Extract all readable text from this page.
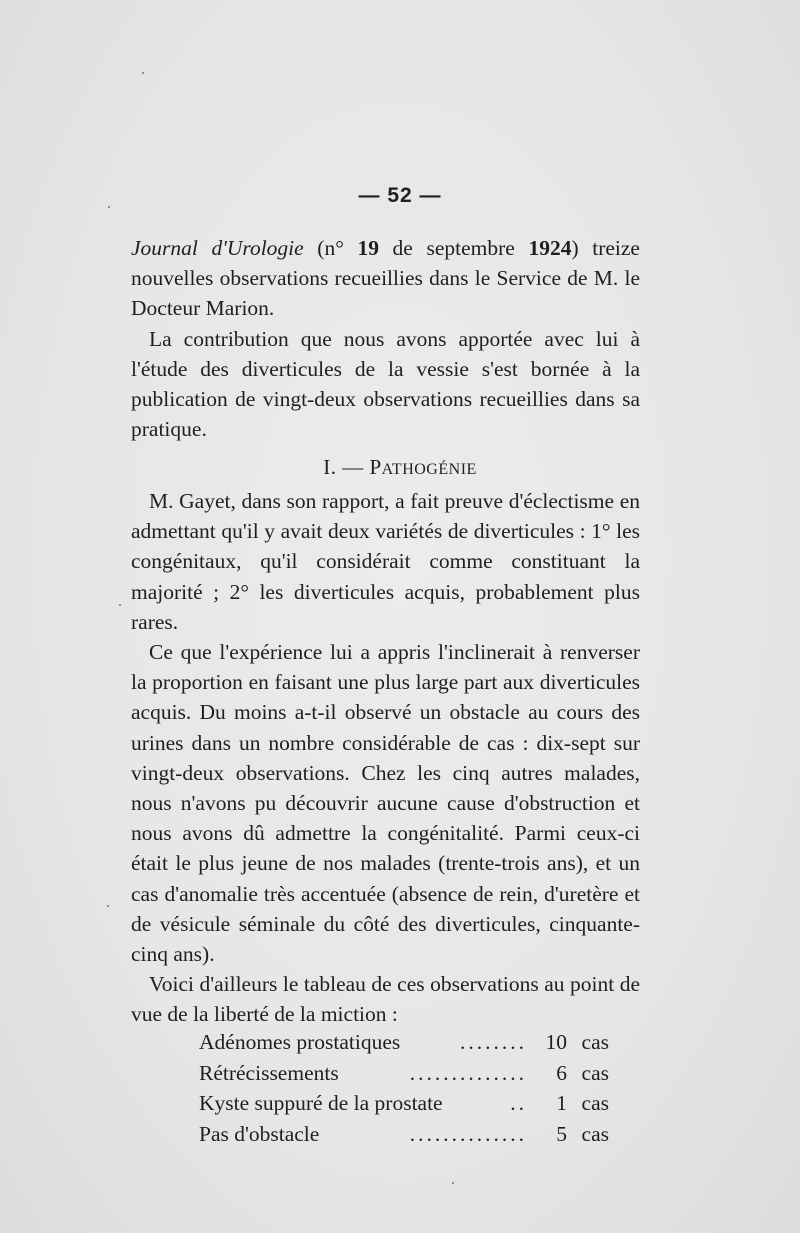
— 52 —

Journal d'Urologie (n° 19 de septembre 1924) treize nouvelles observations recueillies dans le Service de M. le Docteur Marion.

La contribution que nous avons apportée avec lui à l'étude des diverticules de la vessie s'est bornée à la publication de vingt-deux observations recueillies dans sa pratique.

I. — PATHOGÉNIE

M. Gayet, dans son rapport, a fait preuve d'éclectisme en admettant qu'il y avait deux variétés de diverticules : 1° les congénitaux, qu'il considérait comme constituant la majorité ; 2° les diverticules acquis, probablement plus rares.

Ce que l'expérience lui a appris l'inclinerait à renverser la proportion en faisant une plus large part aux diverticules acquis. Du moins a-t-il observé un obstacle au cours des urines dans un nombre considérable de cas : dix-sept sur vingt-deux observations. Chez les cinq autres malades, nous n'avons pu découvrir aucune cause d'obstruction et nous avons dû admettre la congénitalité. Parmi ceux-ci était le plus jeune de nos malades (trente-trois ans), et un cas d'anomalie très accentuée (absence de rein, d'uretère et de vésicule séminale du côté des diverticules, cinquante-cinq ans).

Voici d'ailleurs le tableau de ces observations au point de vue de la liberté de la miction :

Adénomes prostatiques	........ 10 cas
Rétrécissements	..............	6 cas
Kyste suppuré de la prostate	..	1 cas
Pas d'obstacle	..............	5 cas
